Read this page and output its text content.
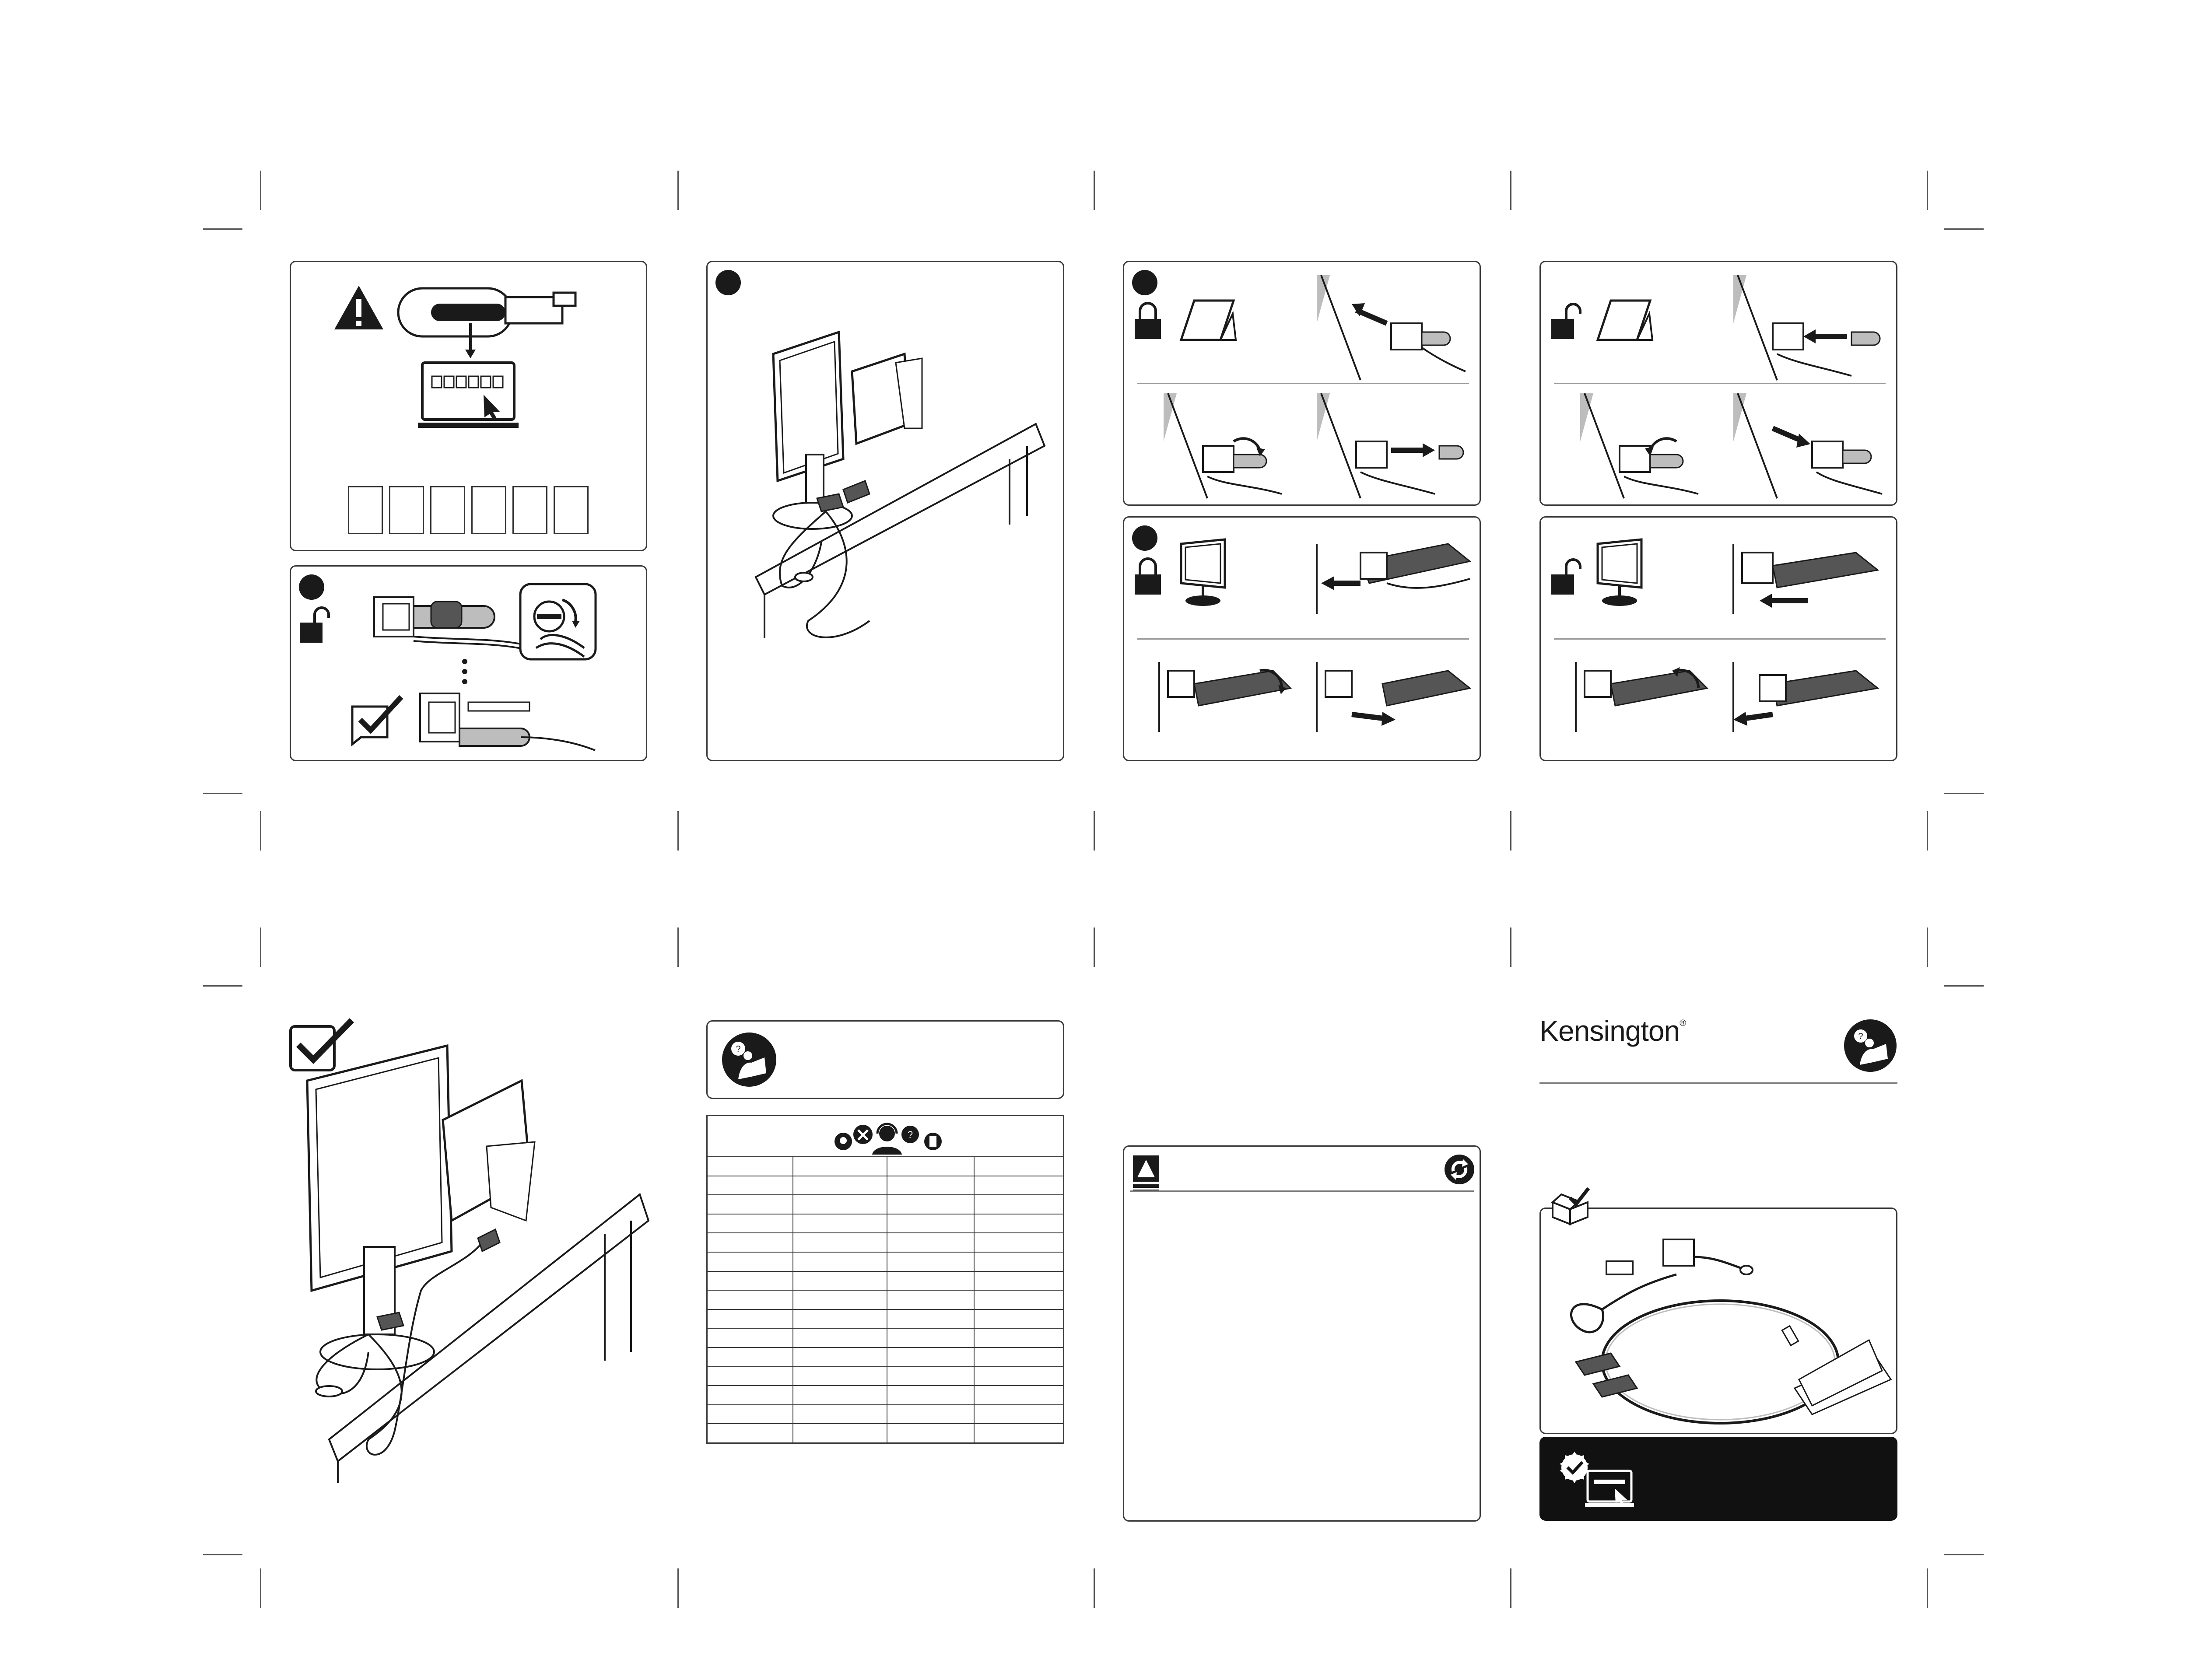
?
?

Kensington®
?
